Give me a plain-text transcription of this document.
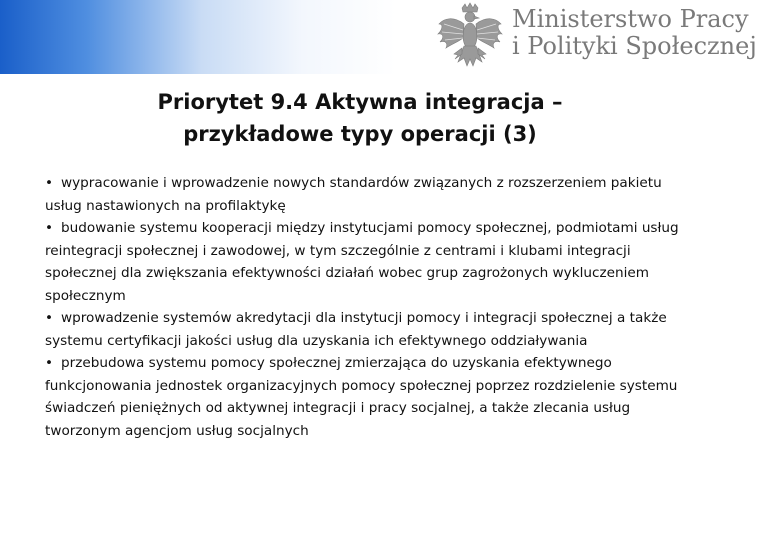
Ministerstwo Pracy
i Polityki Społecznej
Priorytet 9.4 Aktywna integracja –
przykładowe typy operacji (3)

• wypracowanie i wprowadzenie nowych standardów związanych z rozszerzeniem pakietu usług nastawionych na profilaktykę

• budowanie systemu kooperacji między instytucjami pomocy społecznej, podmiotami usług reintegracji społecznej i zawodowej, w tym szczególnie z centrami i klubami integracji społecznej dla zwiększania efektywności działań wobec grup zagrożonych wykluczeniem społecznym

• wprowadzenie systemów akredytacji dla instytucji pomocy i integracji społecznej a także systemu certyfikacji jakości usług dla uzyskania ich efektywnego oddziaływania

• przebudowa systemu pomocy społecznej zmierzająca do uzyskania efektywnego funkcjonowania jednostek organizacyjnych pomocy społecznej poprzez rozdzielenie systemu świadczeń pieniężnych od aktywnej integracji i pracy socjalnej, a także zlecania usług tworzonym agencjom usług socjalnych
